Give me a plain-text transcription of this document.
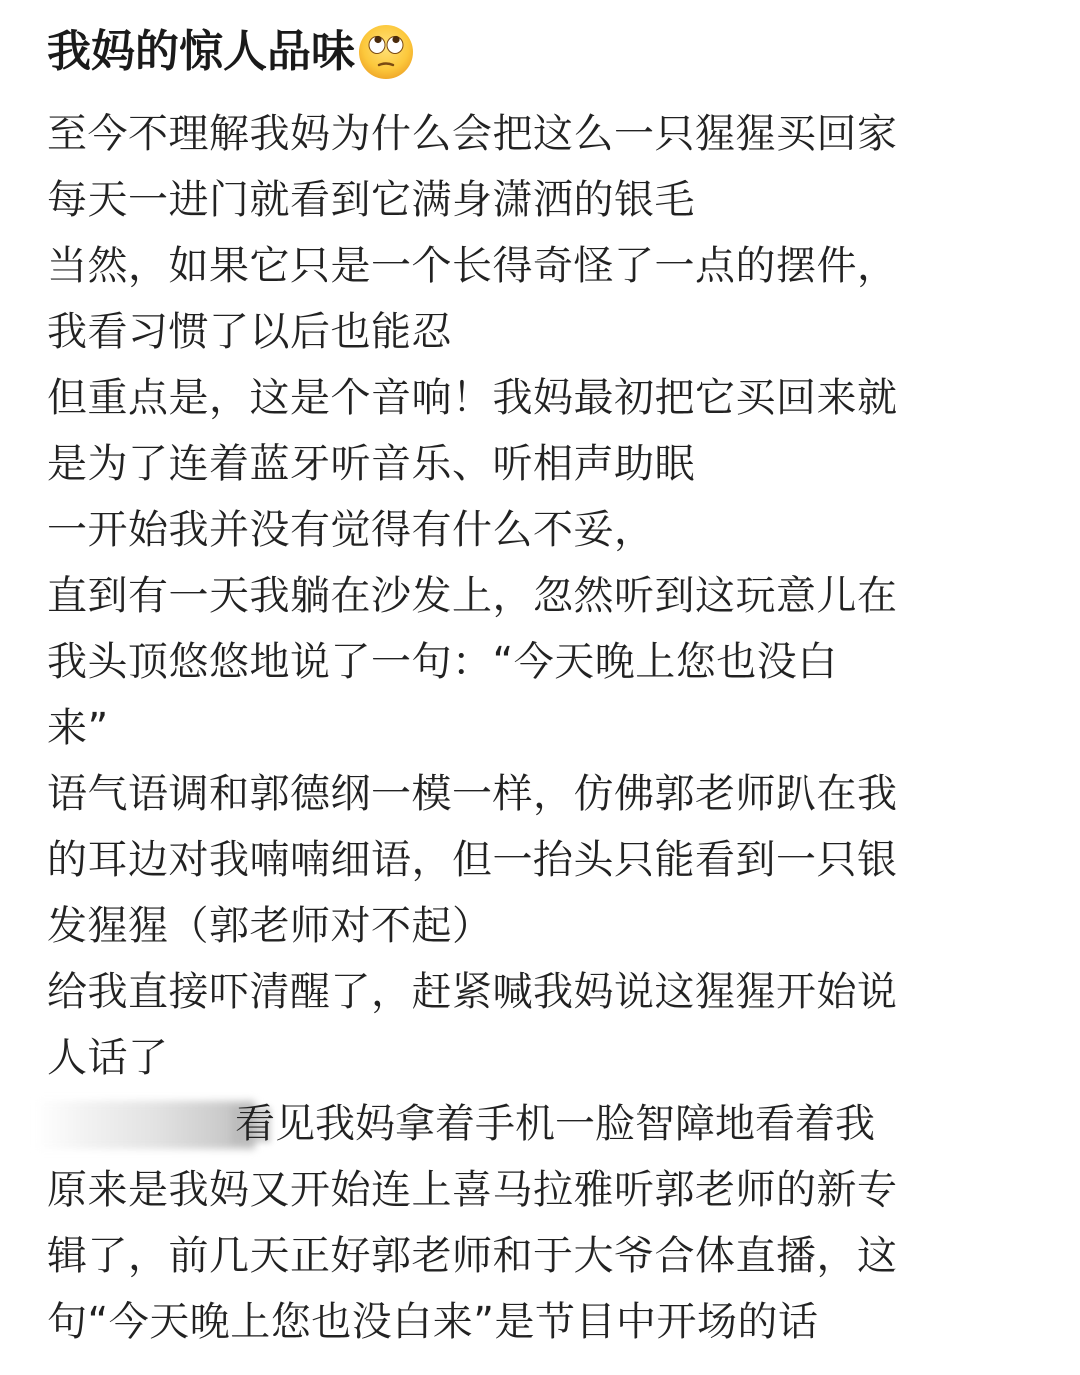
我妈的惊人品味
至今不理解我妈为什么会把这么一只猩猩买回家
每天一进门就看到它满身潇洒的银毛
当然，如果它只是一个长得奇怪了一点的摆件，
我看习惯了以后也能忍
但重点是，这是个音响！我妈最初把它买回来就
是为了连着蓝牙听音乐、听相声助眠
一开始我并没有觉得有什么不妥，
直到有一天我躺在沙发上，忽然听到这玩意儿在
我头顶悠悠地说了一句：“今天晚上您也没白
来”
语气语调和郭德纲一模一样，仿佛郭老师趴在我
的耳边对我喃喃细语，但一抬头只能看到一只银
发猩猩（郭老师对不起）
给我直接吓清醒了，赶紧喊我妈说这猩猩开始说
人话了
看见我妈拿着手机一脸智障地看着我
原来是我妈又开始连上喜马拉雅听郭老师的新专
辑了，前几天正好郭老师和于大爷合体直播，这
句“今天晚上您也没白来”是节目中开场的话
